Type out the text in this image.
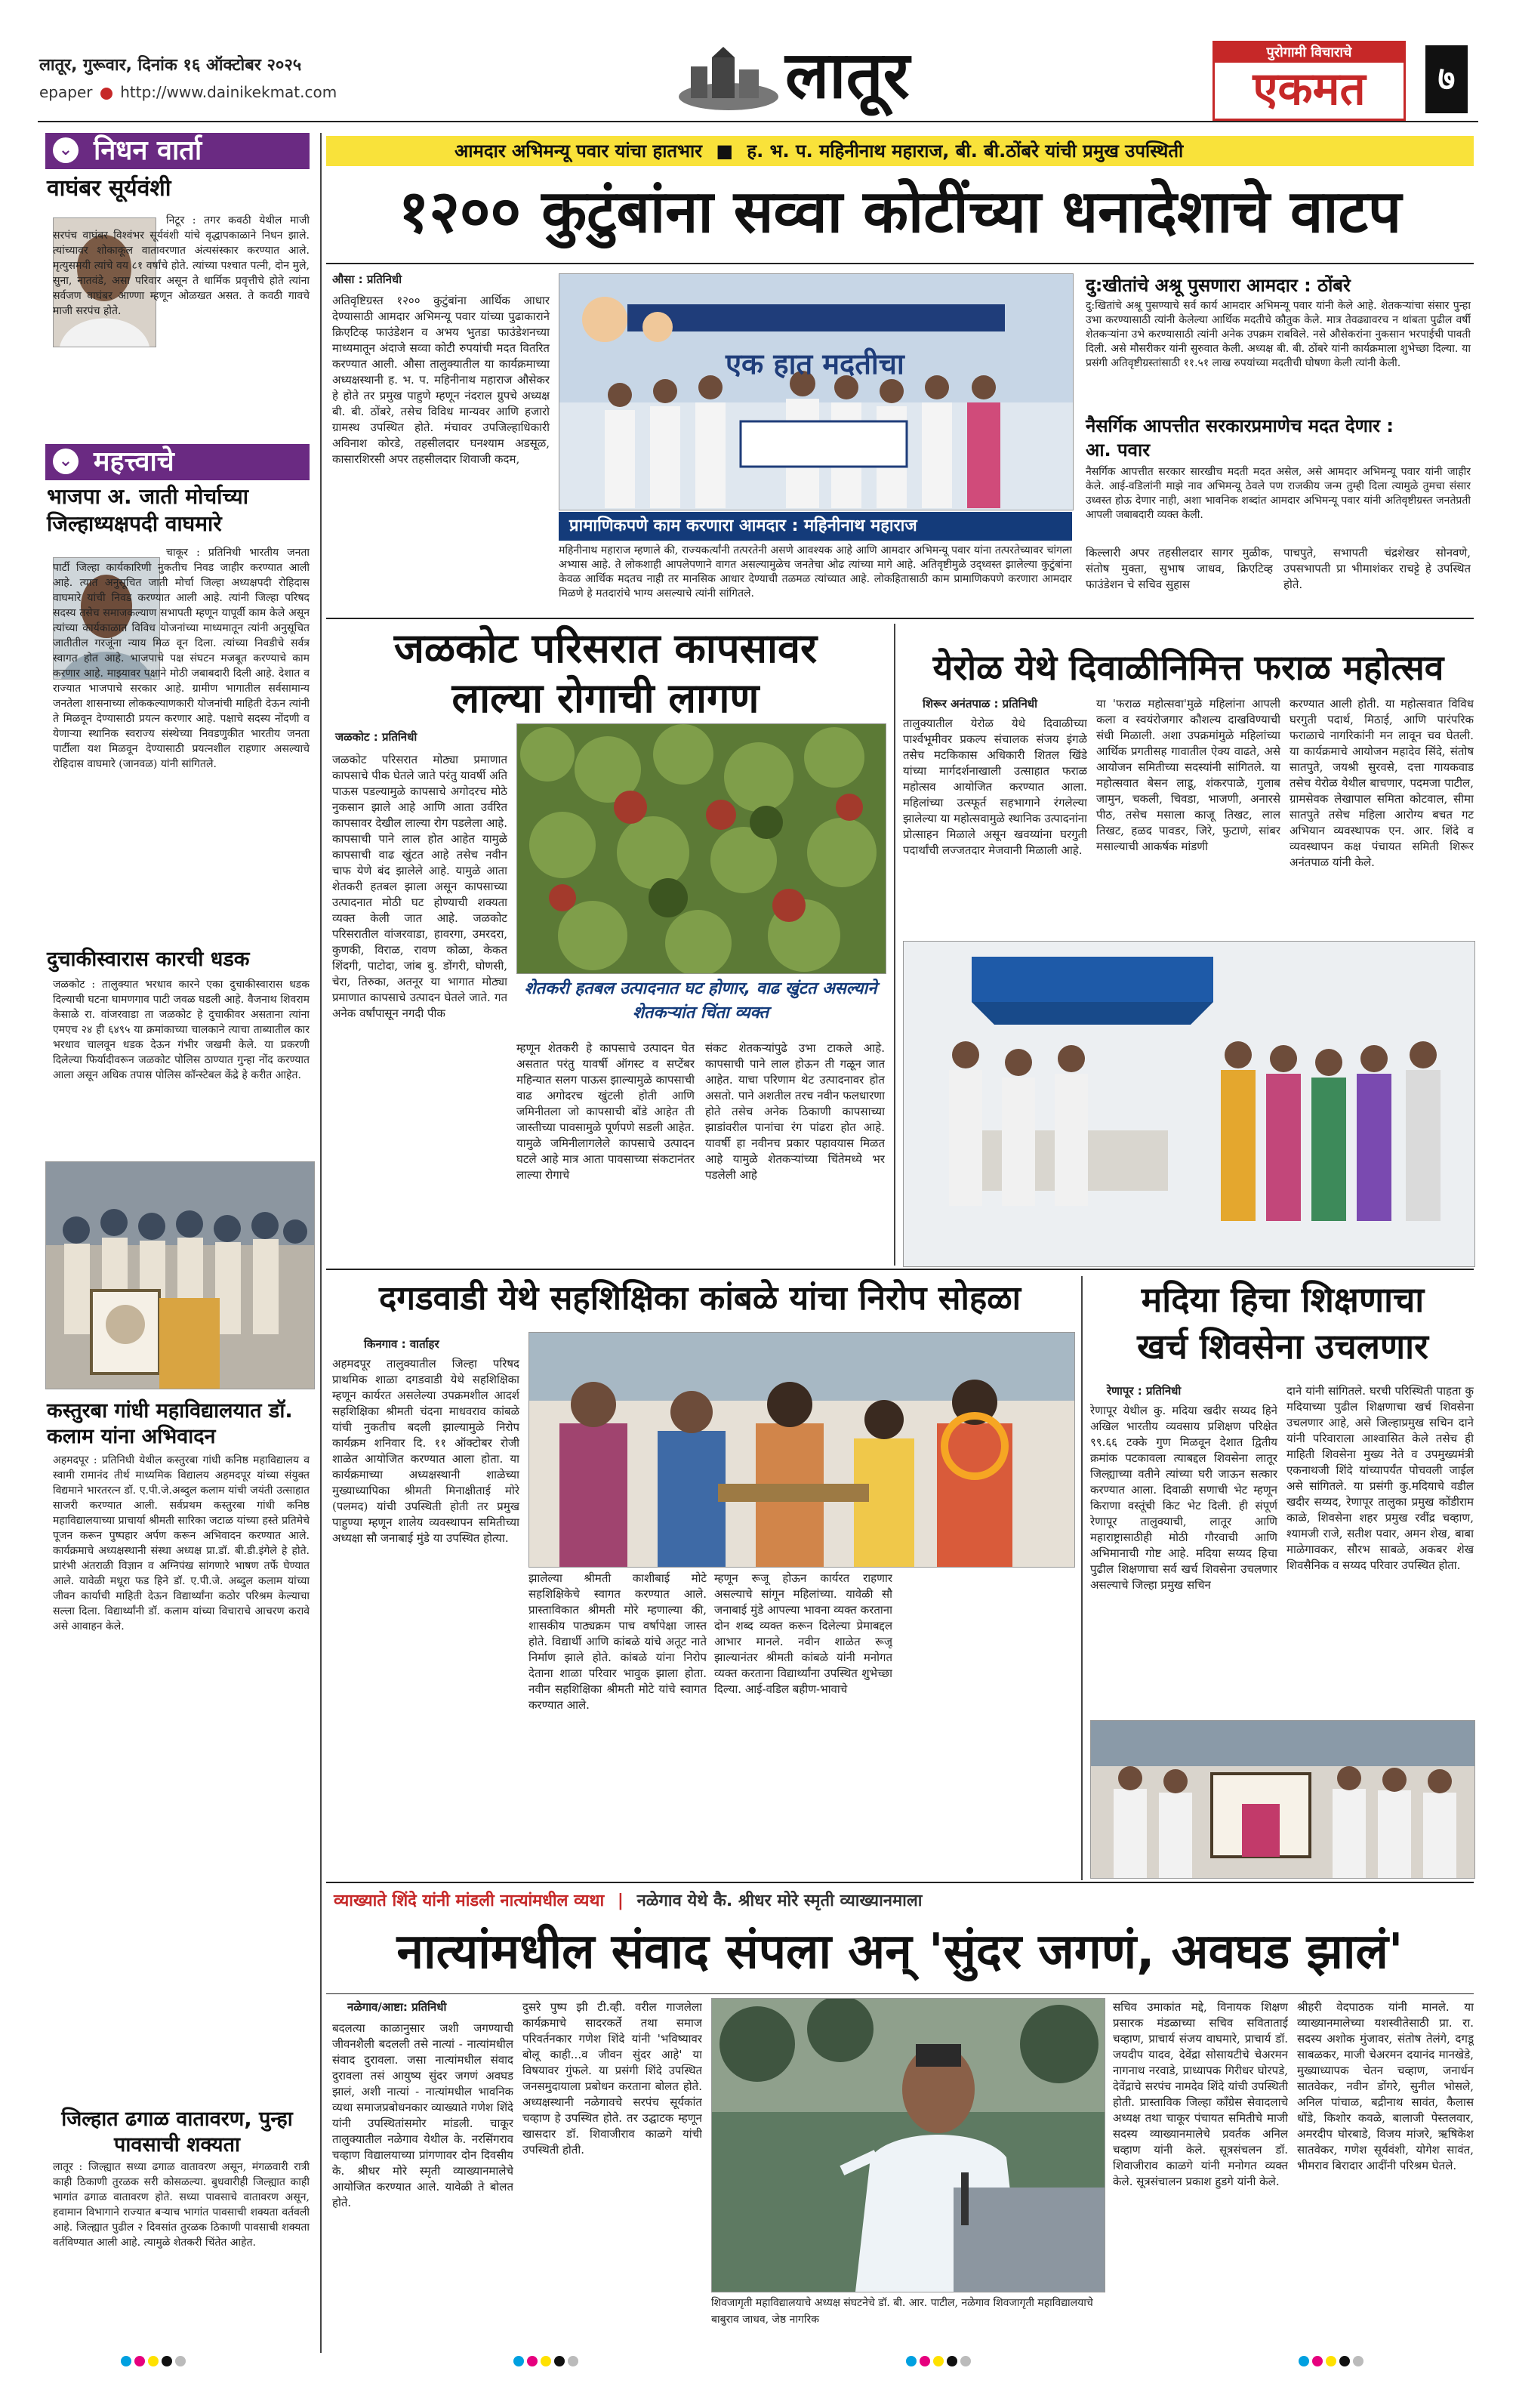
लातूर, गुरूवार, दिनांक १६ ऑक्टोबर २०२५
epaper http://www.dainikekmat.com	लातूर	पुरोगामी विचाराचे
एकमत	७
⌄ निधन वार्ता
वाघंबर सूर्यवंशी
निटूर : तगर कवठी येथील माजी सरपंच वाघंबर विश्वंभर सूर्यवंशी यांचे वृद्धापकाळाने निधन झाले. त्यांच्यावर शोकाकूल वातावरणात अंत्यसंस्कार करण्यात आले. मृत्युसमयी त्यांचे वय ८१ वर्षांचे होते. त्यांच्या पश्चात पत्नी, दोन मुले, सुना, नातवंडे, असा परिवार असून ते धार्मिक प्रवृत्तीचे होते त्यांना सर्वजण वाघंबर आण्णा म्हणून ओळखत असत. ते कवठी गावचे माजी सरपंच होते.
⌄ महत्त्वाचे
भाजपा अ. जाती मोर्चाच्या जिल्हाध्यक्षपदी वाघमारे
चाकूर : प्रतिनिधी भारतीय जनता पार्टी जिल्हा कार्यकारिणी नुकतीच निवड जाहीर करण्यात आली आहे. त्यात अनुसूचित जाती मोर्चा जिल्हा अध्यक्षपदी रोहिदास वाघमारे यांची निवड करण्यात आली आहे. त्यांनी जिल्हा परिषद सदस्य तसेच समाजकल्याण सभापती म्हणून यापूर्वी काम केले असून त्यांच्या कार्यकाळात विविध योजनांच्या माध्यमातून त्यांनी अनुसूचित जातीतील गरजूंना न्याय मिळ वून दिला. त्यांच्या निवडीचे सर्वत्र स्वागत होत आहे. भाजपाचे पक्ष संघटन मजबूत करण्याचे काम करणार आहे. माझ्यावर पक्षाने मोठी जबाबदारी दिली आहे. देशात व राज्यात भाजपाचे सरकार आहे. ग्रामीण भागातील सर्वसामान्य जनतेला शासनाच्या लोककल्याणकारी योजनांची माहिती देऊन त्यांनी ते मिळवून देण्यासाठी प्रयत्न करणार आहे. पक्षाचे सदस्य नोंदणी व येणाऱ्या स्थानिक स्वराज्य संस्थेच्या निवडणुकीत भारतीय जनता पार्टीला यश मिळवून देण्यासाठी प्रयत्नशील राहणार असल्याचे रोहिदास वाघमारे (जानवळ) यांनी सांगितले.
दुचाकीस्वारास कारची धडक
जळकोट : तालुक्यात भरधाव कारने एका दुचाकीस्वारास धडक दिल्याची घटना घामणगाव पाटी जवळ घडली आहे. वैजनाथ शिवराम केसाळे रा. वांजरवाडा ता जळकोट हे दुचाकीवर असताना त्यांना एमएच २४ ही ६४९५ या क्रमांकाच्या चालकाने त्याचा ताब्यातील कार भरधाव चालवून धडक देऊन गंभीर जखमी केले. या प्रकरणी दिलेल्या फिर्यादीवरून जळकोट पोलिस ठाण्यात गुन्हा नोंद करण्यात आला असून अधिक तपास पोलिस कॉन्स्टेबल केंद्रे हे करीत आहेत.
कस्तुरबा गांधी महाविद्यालयात डॉ. कलाम यांना अभिवादन
अहमदपूर : प्रतिनिधी येथील कस्तुरबा गांधी कनिष्ठ महाविद्यालय व स्वामी रामानंद तीर्थ माध्यमिक विद्यालय अहमदपूर यांच्या संयुक्त विद्यमाने भारतरत्न डॉ. ए.पी.जे.अब्दुल कलाम यांची जयंती उत्साहात साजरी करण्यात आली. सर्वप्रथम कस्तुरबा गांधी कनिष्ठ महाविद्यालयाच्या प्राचार्या श्रीमती सारिका जटाळ यांच्या हस्ते प्रतिमेचे पूजन करून पुष्पहार अर्पण करून अभिवादन करण्यात आले. कार्यक्रमाचे अध्यक्षस्थानी संस्था अध्यक्ष प्रा.डॉ. बी.डी.इंगेले हे होते. प्रारंभी अंतराळी विज्ञान व अग्निपंख सांगणारे भाषण तर्फे घेण्यात आले. यावेळी मधूरा फड हिने डॉ. ए.पी.जे. अब्दुल कलाम यांच्या जीवन कार्याची माहिती देऊन विद्यार्थ्यांना कठोर परिश्रम केल्याचा सल्ला दिला. विद्यार्थ्यांनी डॉ. कलाम यांच्या विचाराचे आचरण करावे असे आवाहन केले.
जिल्हात ढगाळ वातावरण, पुन्हा पावसाची शक्यता
लातूर : जिल्ह्यात सध्या ढगाळ वातावरण असून, मंगळवारी रात्री काही ठिकाणी तुरळक सरी कोसळल्या. बुधवारीही जिल्ह्यात काही भागांत ढगाळ वातावरण होते. सध्या पावसाचे वातावरण असून, हवामान विभागाने राज्यात बऱ्याच भागांत पावसाची शक्यता वर्तवली आहे. जिल्ह्यात पुढील २ दिवसांत तुरळक ठिकाणी पावसाची शक्यता वर्तविण्यात आली आहे. त्यामुळे शेतकरी चिंतेत आहेत.
आमदार अभिमन्यू पवार यांचा हातभार ■ ह. भ. प. महिनीनाथ महाराज, बी. बी.ठोंबरे यांची प्रमुख उपस्थिती
१२०० कुटुंबांना सव्वा कोटींच्या धनादेशाचे वाटप
औसा : प्रतिनिधी
अतिवृष्टिग्रस्त १२०० कुटुंबांना आर्थिक आधार देण्यासाठी आमदार अभिमन्यू पवार यांच्या पुढाकाराने क्रिएटिव्ह फाउंडेशन व अभय भुतडा फाउंडेशनच्या माध्यमातून अंदाजे सव्वा कोटी रुपयांची मदत वितरित करण्यात आली. औसा तालुक्यातील या कार्यक्रमाच्या अध्यक्षस्थानी ह. भ. प. महिनीनाथ महाराज औसेकर हे होते तर प्रमुख पाहुणे म्हणून नंदराल ग्रुपचे अध्यक्ष बी. बी. ठोंबरे, तसेच विविध मान्यवर आणि हजारो ग्रामस्थ उपस्थित होते. मंचावर उपजिल्हाधिकारी अविनाश कोरडे, तहसीलदार घनश्याम अडसूळ, कासारशिरसी अपर तहसीलदार शिवाजी कदम,
एक हात मदतीचा
प्रामाणिकपणे काम करणारा आमदार : महिनीनाथ महाराज
महिनीनाथ महाराज म्हणाले की, राज्यकर्त्यांनी तत्परतेनी असणे आवश्यक आहे आणि आमदार अभिमन्यू पवार यांना तत्परतेच्यावर चांगला अभ्यास आहे. ते लोकशाही आपलेपणाने वागत असल्यामुळेच जनतेचा ओढ त्यांच्या मागे आहे. अतिवृष्टीमुळे उद्ध्वस्त झालेल्या कुटुंबांना केवळ आर्थिक मदतच नाही तर मानसिक आधार देण्याची तळमळ त्यांच्यात आहे. लोकहितासाठी काम प्रामाणिकपणे करणारा आमदार मिळणे हे मतदारांचे भाग्य असल्याचे त्यांनी सांगितले.
दु:खीतांचे अश्रू पुसणारा आमदार : ठोंबरे
दु:खितांचे अश्रू पुसण्याचे सर्व कार्य आमदार अभिमन्यू पवार यांनी केले आहे. शेतकऱ्यांचा संसार पुन्हा उभा करण्यासाठी त्यांनी केलेल्या आर्थिक मदतीचे कौतुक केले. मात्र तेवढ्यावरच न थांबता पुढील वर्षी शेतकऱ्यांना उभे करण्यासाठी त्यांनी अनेक उपक्रम राबविले. नसे औसेकरांना नुकसान भरपाईची पावती दिली. असे मौसरीकर यांनी सुरुवात केली. अध्यक्ष बी. बी. ठोंबरे यांनी कार्यक्रमाला शुभेच्छा दिल्या. या प्रसंगी अतिवृष्टीग्रस्तांसाठी ११.५१ लाख रुपयांच्या मदतीची घोषणा केली त्यांनी केली.
नैसर्गिक आपत्तीत सरकारप्रमाणेच मदत देणार : आ. पवार
नैसर्गिक आपत्तीत सरकार सारखीच मदती मदत असेल, असे आमदार अभिमन्यू पवार यांनी जाहीर केले. आई-वडिलांनी माझे नाव अभिमन्यू ठेवले पण राजकीय जन्म तुम्ही दिला त्यामुळे तुमचा संसार उध्वस्त होऊ देणार नाही, अशा भावनिक शब्दांत आमदार अभिमन्यू पवार यांनी अतिवृष्टीग्रस्त जनतेप्रती आपली जबाबदारी व्यक्त केली.
किल्लारी अपर तहसीलदार सागर मुळीक, संतोष मुक्ता, सुभाष जाधव, क्रिएटिव्ह फाउंडेशन चे सचिव सुहास
पाचपुते, सभापती चंद्रशेखर सोनवणे, उपसभापती प्रा भीमाशंकर राचट्टे हे उपस्थित होते.
जळकोट परिसरात कापसावर
लाल्या रोगाची लागण
जळकोट : प्रतिनिधी
जळकोट परिसरात मोठ्या प्रमाणात कापसाचे पीक घेतले जाते परंतु यावर्षी अति पाऊस पडल्यामुळे कापसाचे अगोदरच मोठे नुकसान झाले आहे आणि आता उर्वरित कापसावर देखील लाल्या रोग पडलेला आहे. कापसाची पाने लाल होत आहेत यामुळे कापसाची वाढ खुंटत आहे तसेच नवीन चाफ येणे बंद झालेले आहे. यामुळे आता शेतकरी हतबल झाला असून कापसाच्या उत्पादनात मोठी घट होण्याची शक्यता व्यक्त केली जात आहे. जळकोट परिसरातील वांजरवाडा, हावरगा, उमरदरा, कुणकी, विराळ, रावण कोळा, केकत शिंदगी, पाटोदा, जांब बु. डोंगरी, घोणसी, चेरा, तिरुका, अतनूर या भागात मोठ्या प्रमाणात कापसाचे उत्पादन घेतले जाते. गत अनेक वर्षांपासून नगदी पीक
शेतकरी हतबल उत्पादनात घट होणार, वाढ खुंटत असल्याने शेतकऱ्यांत चिंता व्यक्त
म्हणून शेतकरी हे कापसाचे उत्पादन घेत असतात परंतु यावर्षी ऑगस्ट व सप्टेंबर महिन्यात सलग पाऊस झाल्यामुळे कापसाची वाढ अगोदरच खुंटली होती आणि जमिनीतला जो कापसाची बोंडे आहेत ती जास्तीच्या पावसामुळे पूर्णपणे सडली आहेत. यामुळे जमिनीलागलेले कापसाचे उत्पादन घटले आहे मात्र आता पावसाच्या संकटानंतर लाल्या रोगाचे
संकट शेतकऱ्यांपुढे उभा टाकले आहे. कापसाची पाने लाल होऊन ती गळून जात आहेत. याचा परिणाम थेट उत्पादनावर होत असतो. पाने अशतील तरच नवीन फलधारणा होते तसेच अनेक ठिकाणी कापसाच्या झाडांवरील पानांचा रंग पांढरा होत आहे. यावर्षी हा नवीनच प्रकार पहावयास मिळत आहे यामुळे शेतकऱ्यांच्या चिंतेमध्ये भर पडलेली आहे
येरोळ येथे दिवाळीनिमित्त फराळ महोत्सव
शिरूर अनंतपाळ : प्रतिनिधी
तालुक्यातील येरोळ येथे दिवाळीच्या पार्श्वभूमीवर प्रकल्प संचालक संजय इंगळे तसेच मटकिकास अधिकारी शितल खिंडे यांच्या मार्गदर्शनाखाली उत्साहात फराळ महोत्सव आयोजित करण्यात आला. महिलांच्या उत्स्फूर्त सहभागाने रंगलेल्या झालेल्या या महोत्सवामुळे स्थानिक उत्पादनांना प्रोत्साहन मिळाले असून खवय्यांना घरगुती पदार्थांची लज्जतदार मेजवानी मिळाली आहे.
या 'फराळ महोत्सवा'मुळे महिलांना आपली कला व स्वयंरोजगार कौशल्य दाखविण्याची संधी मिळाली. अशा उपक्रमांमुळे महिलांच्या आर्थिक प्रगतीसह गावातील ऐक्य वाढते, असे आयोजन समितीच्या सदस्यांनी सांगितले. या महोत्सवात बेसन लाडू, शंकरपाळे, गुलाब जामुन, चकली, चिवडा, भाजणी, अनारसे पीठ, तसेच मसाला काजू तिखट, लाल तिखट, हळद पावडर, जिरे, फुटाणे, सांबर मसाल्याची आकर्षक मांडणी
करण्यात आली होती. या महोत्सवात विविध घरगुती पदार्थ, मिठाई, आणि पारंपरिक फराळाचे नागरिकांनी मन लावून चव घेतली. या कार्यक्रमाचे आयोजन महादेव सिंदे, संतोष सातपुते, जयश्री सुरवसे, दत्ता गायकवाड तसेच येरोळ येथील बाचणार, पदमजा पाटील, ग्रामसेवक लेखापाल समिता कोटवाल, सीमा सातपुते तसेच महिला आरोग्य बचत गट अभियान व्यवस्थापक एन. आर. शिंदे व व्यवस्थापन कक्ष पंचायत समिती शिरूर अनंतपाळ यांनी केले.
दगडवाडी येथे सहशिक्षिका कांबळे यांचा निरोप सोहळा
किनगाव : वार्ताहर
अहमदपूर तालुक्यातील जिल्हा परिषद प्राथमिक शाळा दगडवाडी येथे सहशिक्षिका म्हणून कार्यरत असलेल्या उपक्रमशील आदर्श सहशिक्षिका श्रीमती चंदना माधवराव कांबळे यांची नुकतीच बदली झाल्यामुळे निरोप कार्यक्रम शनिवार दि. ११ ऑक्टोबर रोजी शाळेत आयोजित करण्यात आला होता. या कार्यक्रमाच्या अध्यक्षस्थानी शाळेच्या मुख्याध्यापिका श्रीमती मिनाक्षीताई मोरे (पलमद) यांची उपस्थिती होती तर प्रमुख पाहुण्या म्हणून शालेय व्यवस्थापन समितीच्या अध्यक्षा सौ जनाबाई मुंडे या उपस्थित होत्या.
झालेल्या श्रीमती काशीबाई मोटे सहशिक्षिकेचे स्वागत करण्यात आले. प्रास्ताविकात श्रीमती मोरे म्हणाल्या की, शासकीय पाठ्यक्रम पाच वर्षापेक्षा जास्त होते. विद्यार्थी आणि कांबळे यांचे अतूट नाते निर्माण झाले होते. कांबळे यांना निरोप देताना शाळा परिवार भावुक झाला होता. नवीन सहशिक्षिका श्रीमती मोटे यांचे स्वागत करण्यात आले.
म्हणून रूजू होऊन कार्यरत राहणार असल्याचे सांगून महिलांच्या. यावेळी सौ जनाबाई मुंडे आपल्या भावना व्यक्त करताना दोन शब्द व्यक्त करून दिलेल्या प्रेमाबद्दल आभार मानले. नवीन शाळेत रूजू झाल्यानंतर श्रीमती कांबळे यांनी मनोगत व्यक्त करताना विद्यार्थ्यांना उपस्थित शुभेच्छा दिल्या. आई-वडिल बहीण-भावाचे
मदिया हिचा शिक्षणाचा
खर्च शिवसेना उचलणार
रेणापूर : प्रतिनिधी
रेणापूर येथील कु. मदिया खदीर सय्यद हिने अखिल भारतीय व्यवसाय प्रशिक्षण परिक्षेत ९९.६६ टक्के गुण मिळवून देशात द्वितीय क्रमांक पटकावला त्याबद्दल शिवसेना लातूर जिल्ह्याच्या वतीने त्यांच्या घरी जाऊन सत्कार करण्यात आला. दिवाळी सणाची भेट म्हणून किराणा वस्तूंची किट भेट दिली. ही संपूर्ण रेणापूर तालुक्याची, लातूर आणि महाराष्ट्रासाठीही मोठी गौरवाची आणि अभिमानाची गोष्ट आहे. मदिया सय्यद हिचा पुढील शिक्षणाचा सर्व खर्च शिवसेना उचलणार असल्याचे जिल्हा प्रमुख सचिन
दाने यांनी सांगितले. घरची परिस्थिती पाहता कु मदियाच्या पुढील शिक्षणाचा खर्च शिवसेना उचलणार आहे, असे जिल्हाप्रमुख सचिन दाने यांनी परिवाराला आश्वासित केले तसेच ही माहिती शिवसेना मुख्य नेते व उपमुख्यमंत्री एकनाथजी शिंदे यांच्यापर्यंत पोचवली जाईल असे सांगितले. या प्रसंगी कु.मदियाचे वडील खदीर सय्यद, रेणापूर तालुका प्रमुख कोंडीराम काळे, शिवसेना शहर प्रमुख रवींद्र चव्हाण, श्यामजी राजे, सतीश पवार, अमन शेख, बाबा माळेगावकर, सौरभ साबळे, अकबर शेख शिवसैनिक व सय्यद परिवार उपस्थित होता.
व्याख्याते शिंदे यांनी मांडली नात्यांमधील व्यथा | नळेगाव येथे कै. श्रीधर मोरे स्मृती व्याख्यानमाला
नात्यांमधील संवाद संपला अन् 'सुंदर जगणं, अवघड झालं'
नळेगाव/आष्टा: प्रतिनिधी
बदलत्या काळानुसार जशी जगण्याची जीवनशैली बदलली तसे नात्यां - नात्यांमधील संवाद दुरावला. जसा नात्यांमधील संवाद दुरावला तसं आयुष्य सुंदर जगणं अवघड झालं, अशी नात्यां - नात्यांमधील भावनिक व्यथा समाजप्रबोधनकार व्याख्याते गणेश शिंदे यांनी उपस्थितांसमोर मांडली. चाकूर तालुक्यातील नळेगाव येथील के. नरसिंगराव चव्हाण विद्यालयाच्या प्रांगणावर दोन दिवसीय के. श्रीधर मोरे स्मृती व्याख्यानमालेचे आयोजित करण्यात आले. यावेळी ते बोलत होते.
दुसरे पुष्प झी टी.व्ही. वरील गाजलेला कार्यक्रमाचे सादरकर्ते तथा समाज परिवर्तनकार गणेश शिंदे यांनी 'भविष्यावर बोलू काही...व जीवन सुंदर आहे' या विषयावर गुंफले. या प्रसंगी शिंदे उपस्थित जनसमुदायाला प्रबोधन करताना बोलत होते. अध्यक्षस्थानी नळेगावचे सरपंच सूर्यकांत चव्हाण हे उपस्थित होते. तर उद्घाटक म्हणून खासदार डॉ. शिवाजीराव काळगे यांची उपस्थिती होती.
शिवजागृती महाविद्यालयाचे अध्यक्ष संघटनेचे डॉ. बी. आर. पाटील, नळेगाव शिवजागृती महाविद्यालयाचे
बाबुराव जाधव, जेष्ठ नागरिक
सचिव उमाकांत मद्दे, विनायक शिक्षण प्रसारक मंडळाच्या सचिव सविताताई चव्हाण, प्राचार्य संजय वाघमारे, प्राचार्य डॉ. जयदीप यादव, देवेंद्रा सोसायटीचे चेअरमन नागनाथ नरवाडे, प्राध्यापक गिरीधर घोरपडे, देवेंद्राचे सरपंच नामदेव शिंदे यांची उपस्थिती होती. प्रास्ताविक जिल्हा काँग्रेस सेवादलाचे अध्यक्ष तथा चाकूर पंचायत समितीचे माजी सदस्य व्याख्यानमालेचे प्रवर्तक अनिल चव्हाण यांनी केले. सूत्रसंचलन डॉ. शिवाजीराव काळगे यांनी मनोगत व्यक्त केले. सूत्रसंचालन प्रकाश हुडगे यांनी केले.
श्रीहरी वेदपाठक यांनी मानले. या व्याख्यानमालेच्या यशस्वीतेसाठी प्रा. रा. सदस्य अशोक मुंजावर, संतोष तेलंगे, दगडू साबळकर, माजी चेअरमन दयानंद मानखेडे, मुख्याध्यापक चेतन चव्हाण, जनार्धन सातवेकर, नवीन डोंगरे, सुनील भोसले, अनिल पांचाळ, बद्रीनाथ सावंत, कैलास धोंडे, किशोर कवळे, बालाजी पेस्तलवार, अमरदीप घोरबाडे, विजय मांजरे, ऋषिकेश सातवेकर, गणेश सूर्यवंशी, योगेश सावंत, भीमराव बिरादार आदींनी परिश्रम घेतले.
